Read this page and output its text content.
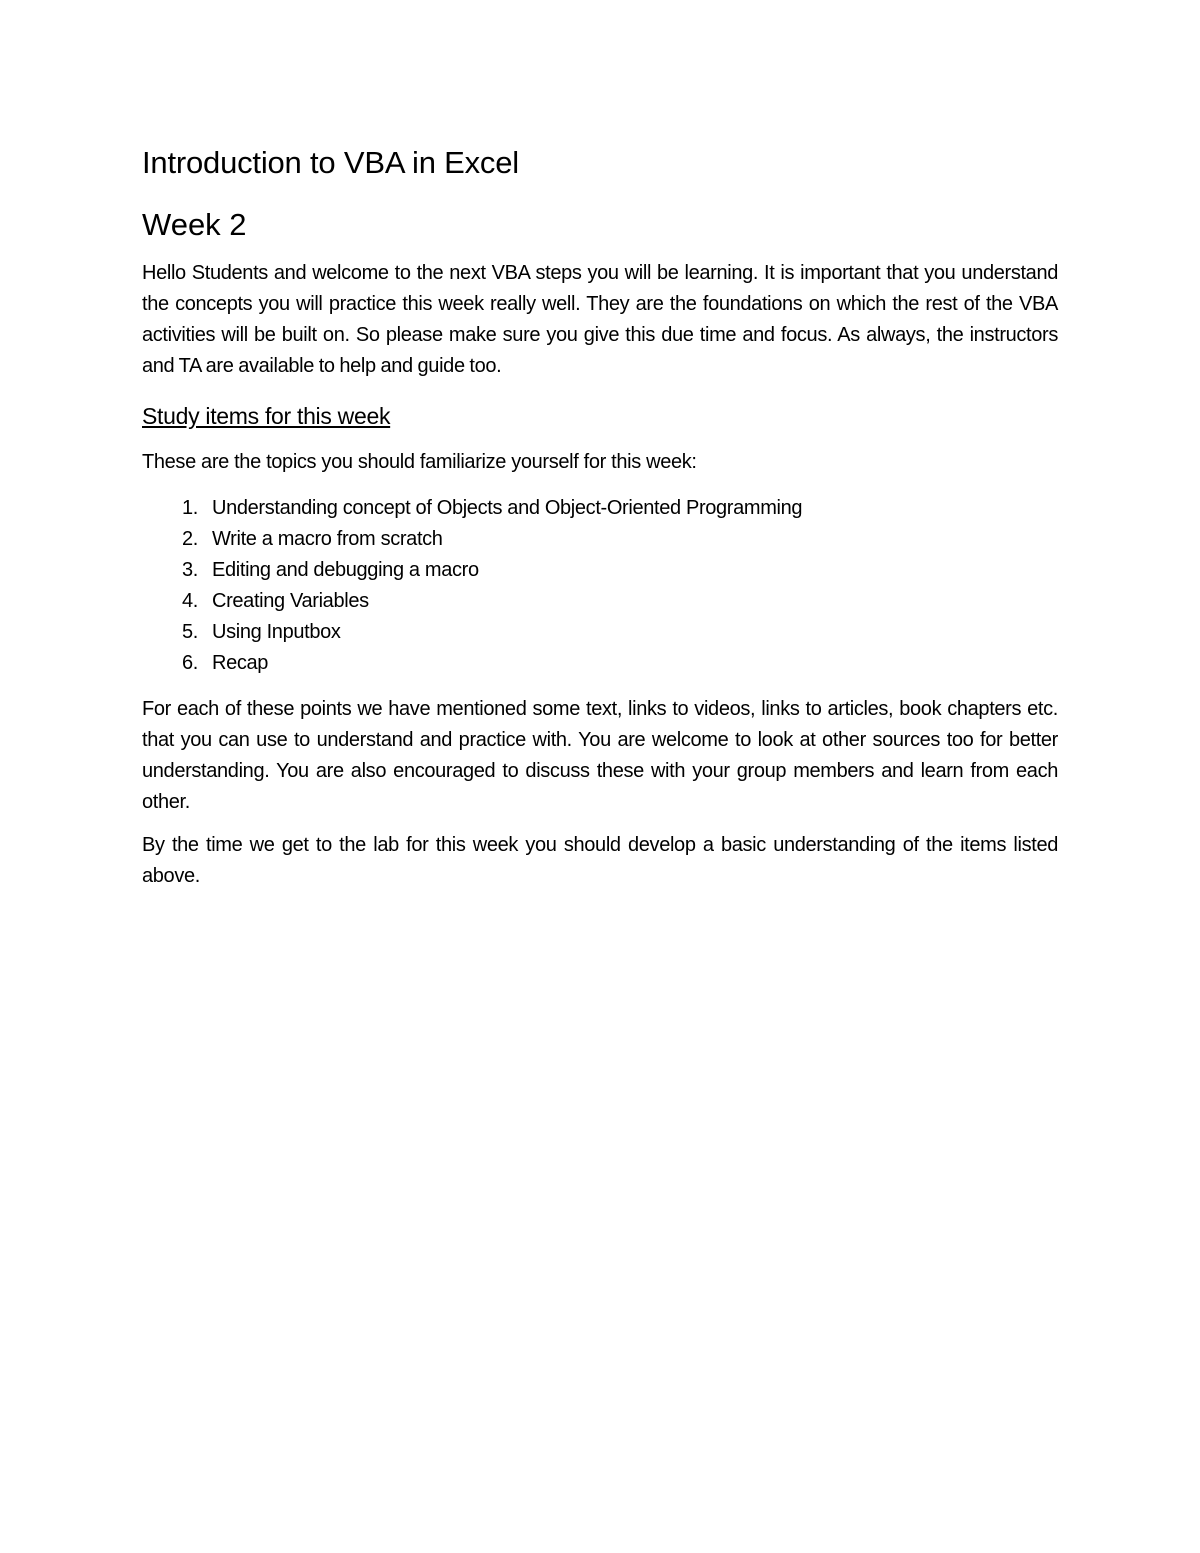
Introduction to VBA in Excel
Week 2

Hello Students and welcome to the next VBA steps you will be learning. It is important that you understand the concepts you will practice this week really well. They are the foundations on which the rest of the VBA activities will be built on. So please make sure you give this due time and focus. As always, the instructors and TA are available to help and guide too.

Study items for this week

These are the topics you should familiarize yourself for this week:

1. Understanding concept of Objects and Object-Oriented Programming
2. Write a macro from scratch
3. Editing and debugging a macro
4. Creating Variables
5. Using Inputbox
6. Recap

For each of these points we have mentioned some text, links to videos, links to articles, book chapters etc. that you can use to understand and practice with. You are welcome to look at other sources too for better understanding. You are also encouraged to discuss these with your group members and learn from each other.

By the time we get to the lab for this week you should develop a basic understanding of the items listed above.
